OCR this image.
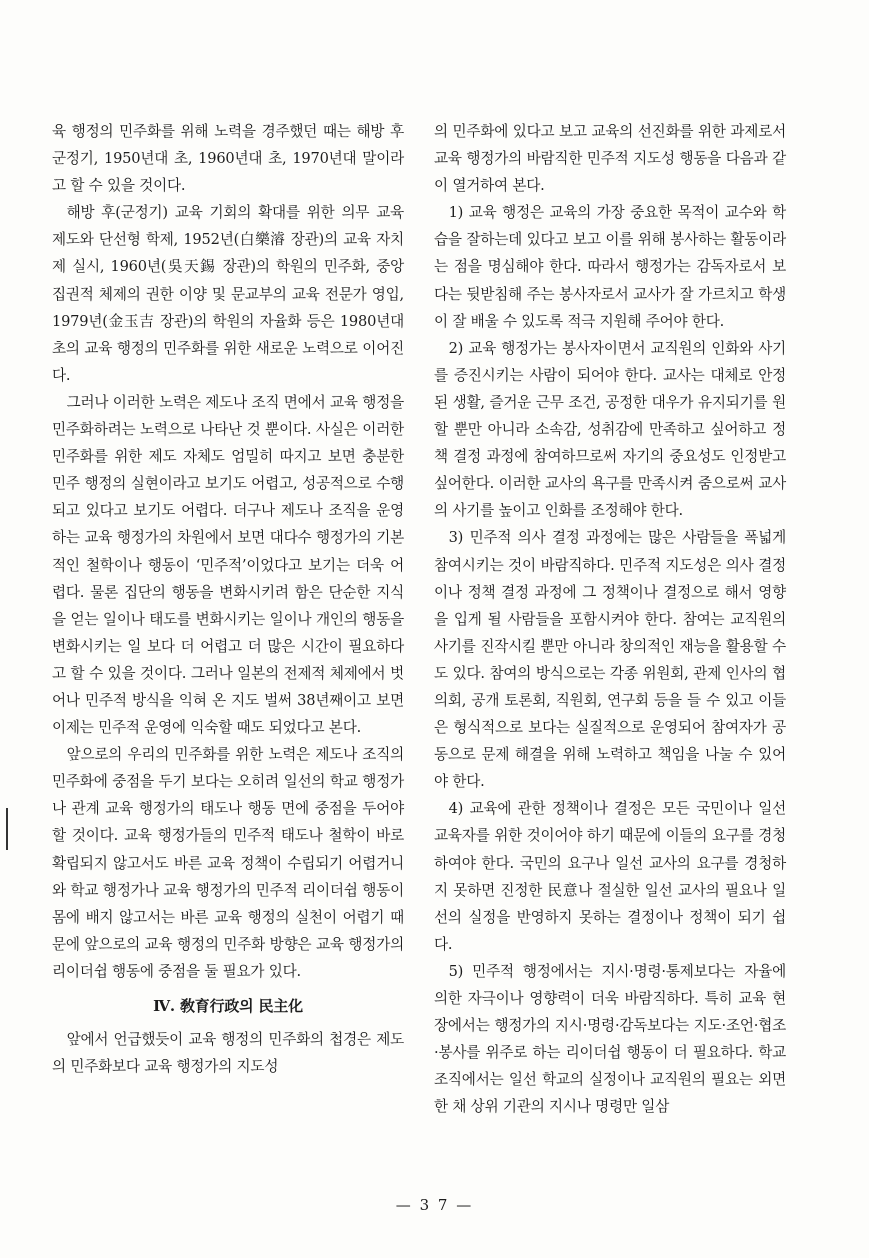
육 행정의 민주화를 위해 노력을 경주했던 때는 해방 후 군정기, 1950년대 초, 1960년대 초, 1970년대 말이라고 할 수 있을 것이다.

해방 후(군정기) 교육 기회의 확대를 위한 의무 교육 제도와 단선형 학제, 1952년(白樂濬 장관)의 교육 자치제 실시, 1960년(吳天錫 장관)의 학원의 민주화, 중앙 집권적 체제의 권한 이양 및 문교부의 교육 전문가 영입, 1979년(金玉吉 장관)의 학원의 자율화 등은 1980년대 초의 교육 행정의 민주화를 위한 새로운 노력으로 이어진다.

그러나 이러한 노력은 제도나 조직 면에서 교육 행정을 민주화하려는 노력으로 나타난 것 뿐이다. 사실은 이러한 민주화를 위한 제도 자체도 엄밀히 따지고 보면 충분한 민주 행정의 실현이라고 보기도 어렵고, 성공적으로 수행되고 있다고 보기도 어렵다. 더구나 제도나 조직을 운영하는 교육 행정가의 차원에서 보면 대다수 행정가의 기본적인 철학이나 행동이 ‘민주적’이었다고 보기는 더욱 어렵다. 물론 집단의 행동을 변화시키려 함은 단순한 지식을 얻는 일이나 태도를 변화시키는 일이나 개인의 행동을 변화시키는 일 보다 더 어렵고 더 많은 시간이 필요하다고 할 수 있을 것이다. 그러나 일본의 전제적 체제에서 벗어나 민주적 방식을 익혀 온 지도 벌써 38년째이고 보면 이제는 민주적 운영에 익숙할 때도 되었다고 본다.

앞으로의 우리의 민주화를 위한 노력은 제도나 조직의 민주화에 중점을 두기 보다는 오히려 일선의 학교 행정가나 관계 교육 행정가의 태도나 행동 면에 중점을 두어야 할 것이다. 교육 행정가들의 민주적 태도나 철학이 바로 확립되지 않고서도 바른 교육 정책이 수립되기 어렵거니와 학교 행정가나 교육 행정가의 민주적 리이더쉽 행동이 몸에 배지 않고서는 바른 교육 행정의 실천이 어렵기 때문에 앞으로의 교육 행정의 민주화 방향은 교육 행정가의 리이더쉽 행동에 중점을 둘 필요가 있다.

Ⅳ. 敎育行政의 民主化

앞에서 언급했듯이 교육 행정의 민주화의 첩경은 제도의 민주화보다 교육 행정가의 지도성

의 민주화에 있다고 보고 교육의 선진화를 위한 과제로서 교육 행정가의 바람직한 민주적 지도성 행동을 다음과 같이 열거하여 본다.

1) 교육 행정은 교육의 가장 중요한 목적이 교수와 학습을 잘하는데 있다고 보고 이를 위해 봉사하는 활동이라는 점을 명심해야 한다. 따라서 행정가는 감독자로서 보다는 뒷받침해 주는 봉사자로서 교사가 잘 가르치고 학생이 잘 배울 수 있도록 적극 지원해 주어야 한다.

2) 교육 행정가는 봉사자이면서 교직원의 인화와 사기를 증진시키는 사람이 되어야 한다. 교사는 대체로 안정된 생활, 즐거운 근무 조건, 공정한 대우가 유지되기를 원할 뿐만 아니라 소속감, 성취감에 만족하고 싶어하고 정책 결정 과정에 참여하므로써 자기의 중요성도 인정받고 싶어한다. 이러한 교사의 욕구를 만족시켜 줌으로써 교사의 사기를 높이고 인화를 조정해야 한다.

3) 민주적 의사 결정 과정에는 많은 사람들을 폭넓게 참여시키는 것이 바람직하다. 민주적 지도성은 의사 결정이나 정책 결정 과정에 그 정책이나 결정으로 해서 영향을 입게 될 사람들을 포함시켜야 한다. 참여는 교직원의 사기를 진작시킬 뿐만 아니라 창의적인 재능을 활용할 수도 있다. 참여의 방식으로는 각종 위원회, 관제 인사의 협의회, 공개 토론회, 직원회, 연구회 등을 들 수 있고 이들은 형식적으로 보다는 실질적으로 운영되어 참여자가 공동으로 문제 해결을 위해 노력하고 책임을 나눌 수 있어야 한다.

4) 교육에 관한 정책이나 결정은 모든 국민이나 일선 교육자를 위한 것이어야 하기 때문에 이들의 요구를 경청하여야 한다. 국민의 요구나 일선 교사의 요구를 경청하지 못하면 진정한 民意나 절실한 일선 교사의 필요나 일선의 실정을 반영하지 못하는 결정이나 정책이 되기 쉽다.

5) 민주적 행정에서는 지시·명령·통제보다는 자율에 의한 자극이나 영향력이 더욱 바람직하다. 특히 교육 현장에서는 행정가의 지시·명령·감독보다는 지도·조언·협조·봉사를 위주로 하는 리이더쉽 행동이 더 필요하다. 학교 조직에서는 일선 학교의 실정이나 교직원의 필요는 외면한 채 상위 기관의 지시나 명령만 일삼

— 3 7 —
